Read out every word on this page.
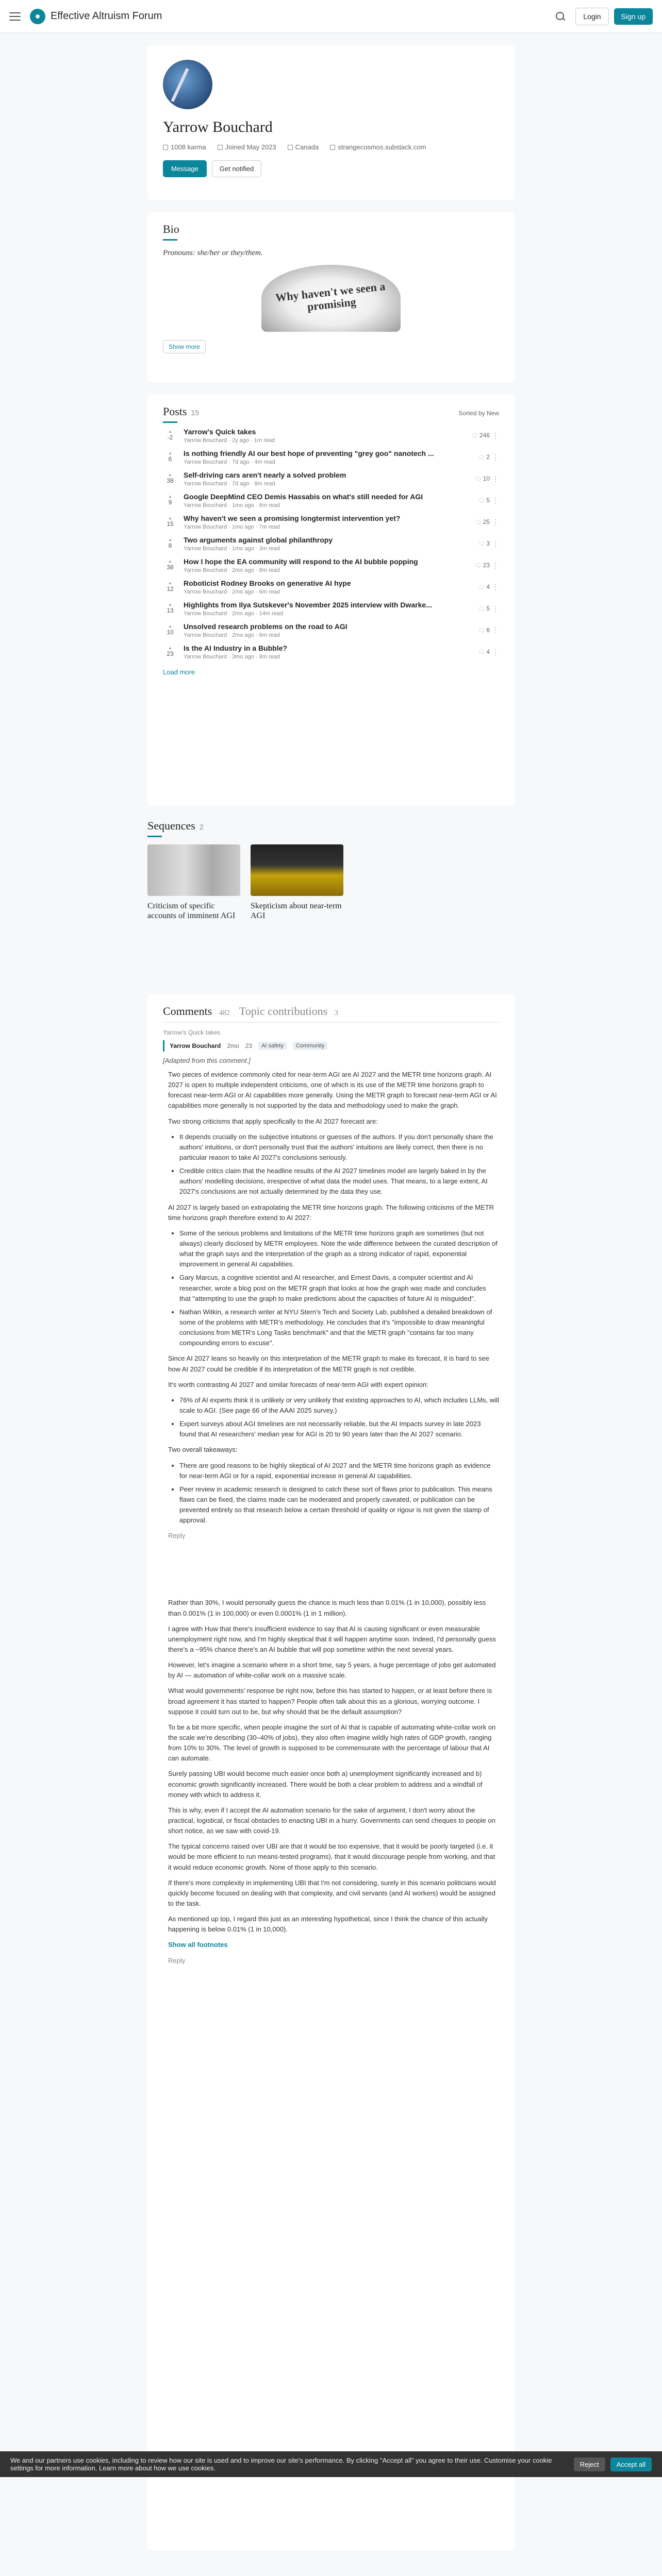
● Effective Altruism Forum	Login	Sign up
Yarrow Bouchard
1008 karma	Joined May 2023	Canada	strangecosmos.substack.com
Message	Get notified
Bio
Pronouns: she/her or they/them.
Why haven't we seen a promising
Show more
Posts 15	Sorted by New
▲ -2
Yarrow's Quick takes
Yarrow Bouchard · 2y ago · 1m read
🗨 246 ⋮
▲ 6
Is nothing friendly AI our best hope of preventing "grey goo" nanotech ...
Yarrow Bouchard · 7d ago · 4m read
🗨 2 ⋮
▲ 38
Self-driving cars aren't nearly a solved problem
Yarrow Bouchard · 7d ago · 8m read
🗨 10 ⋮
▲ 9
Google DeepMind CEO Demis Hassabis on what's still needed for AGI
Yarrow Bouchard · 1mo ago · 6m read
🗨 5 ⋮
▲ 15
Why haven't we seen a promising longtermist intervention yet?
Yarrow Bouchard · 1mo ago · 7m read
🗨 25 ⋮
▲ 8
Two arguments against global philanthropy
Yarrow Bouchard · 1mo ago · 3m read
🗨 3 ⋮
▲ 38
How I hope the EA community will respond to the AI bubble popping
Yarrow Bouchard · 2mo ago · 8m read
🗨 23 ⋮
▲ 12
Roboticist Rodney Brooks on generative AI hype
Yarrow Bouchard · 2mo ago · 6m read
🗨 4 ⋮
▲ 13
Highlights from Ilya Sutskever's November 2025 interview with Dwarke...
Yarrow Bouchard · 2mo ago · 14m read
🗨 5 ⋮
▲ 10
Unsolved research problems on the road to AGI
Yarrow Bouchard · 2mo ago · 6m read
🗨 6 ⋮
▲ 23
Is the AI Industry in a Bubble?
Yarrow Bouchard · 3mo ago · 8m read
🗨 4 ⋮
Load more
Sequences 2
Criticism of specific accounts of imminent AGI
Skepticism about near-term AGI
Comments 482 Topic contributions 3
Yarrow's Quick takes
Yarrow Bouchard 2mo 23	AI safety	Community
[Adapted from this comment.]

Two pieces of evidence commonly cited for near-term AGI are AI 2027 and the METR time horizons graph. AI 2027 is open to multiple independent criticisms, one of which is its use of the METR time horizons graph to forecast near-term AGI or AI capabilities more generally. Using the METR graph to forecast near-term AGI or AI capabilities more generally is not supported by the data and methodology used to make the graph.

Two strong criticisms that apply specifically to the AI 2027 forecast are:

• It depends crucially on the subjective intuitions or guesses of the authors. If you don't personally share the authors' intuitions, or don't personally trust that the authors' intuitions are likely correct, then there is no particular reason to take AI 2027's conclusions seriously.
• Credible critics claim that the headline results of the AI 2027 timelines model are largely baked in by the authors' modelling decisions, irrespective of what data the model uses. That means, to a large extent, AI 2027's conclusions are not actually determined by the data they use.

AI 2027 is largely based on extrapolating the METR time horizons graph. The following criticisms of the METR time horizons graph therefore extend to AI 2027:

• Some of the serious problems and limitations of the METR time horizons graph are sometimes (but not always) clearly disclosed by METR employees. Note the wide difference between the curated description of what the graph says and the interpretation of the graph as a strong indicator of rapid, exponential improvement in general AI capabilities.
• Gary Marcus, a cognitive scientist and AI researcher, and Ernest Davis, a computer scientist and AI researcher, wrote a blog post on the METR graph that looks at how the graph was made and concludes that "attempting to use the graph to make predictions about the capacities of future AI is misguided".
• Nathan Witkin, a research writer at NYU Stern's Tech and Society Lab, published a detailed breakdown of some of the problems with METR's methodology. He concludes that it's "impossible to draw meaningful conclusions from METR's Long Tasks benchmark" and that the METR graph "contains far too many compounding errors to excuse".

Since AI 2027 leans so heavily on this interpretation of the METR graph to make its forecast, it is hard to see how AI 2027 could be credible if its interpretation of the METR graph is not credible.

It's worth contrasting AI 2027 and similar forecasts of near-term AGI with expert opinion:

• 76% of AI experts think it is unlikely or very unlikely that existing approaches to AI, which includes LLMs, will scale to AGI. (See page 66 of the AAAI 2025 survey.)
• Expert surveys about AGI timelines are not necessarily reliable, but the AI Impacts survey in late 2023 found that AI researchers' median year for AGI is 20 to 90 years later than the AI 2027 scenario.

Two overall takeaways:

• There are good reasons to be highly skeptical of AI 2027 and the METR time horizons graph as evidence for near-term AGI or for a rapid, exponential increase in general AI capabilities.
• Peer review in academic research is designed to catch these sort of flaws prior to publication. This means flaws can be fixed, the claims made can be moderated and properly caveated, or publication can be prevented entirely so that research below a certain threshold of quality or rigour is not given the stamp of approval.

Reply

Rather than 30%, I would personally guess the chance is much less than 0.01% (1 in 10,000), possibly less than 0.001% (1 in 100,000) or even 0.0001% (1 in 1 million).

I agree with Huw that there's insufficient evidence to say that AI is causing significant or even measurable unemployment right now, and I'm highly skeptical that it will happen anytime soon. Indeed, I'd personally guess there's a ~95% chance there's an AI bubble that will pop sometime within the next several years.

However, let's imagine a scenario where in a short time, say 5 years, a huge percentage of jobs get automated by AI — automation of white-collar work on a massive scale.

What would governments' response be right now, before this has started to happen, or at least before there is broad agreement it has started to happen? People often talk about this as a glorious, worrying outcome. I suppose it could turn out to be, but why should that be the default assumption?

To be a bit more specific, when people imagine the sort of AI that is capable of automating white-collar work on the scale we're describing (30–40% of jobs), they also often imagine wildly high rates of GDP growth, ranging from 10% to 30%. The level of growth is supposed to be commensurate with the percentage of labour that AI can automate.

Surely passing UBI would become much easier once both a) unemployment significantly increased and b) economic growth significantly increased. There would be both a clear problem to address and a windfall of money with which to address it.

This is why, even if I accept the AI automation scenario for the sake of argument, I don't worry about the practical, logistical, or fiscal obstacles to enacting UBI in a hurry. Governments can send cheques to people on short notice, as we saw with covid-19.

The typical concerns raised over UBI are that it would be too expensive, that it would be poorly targeted (i.e. it would be more efficient to run means-tested programs), that it would discourage people from working, and that it would reduce economic growth. None of those apply to this scenario.

If there's more complexity in implementing UBI that I'm not considering, surely in this scenario politicians would quickly become focused on dealing with that complexity, and civil servants (and AI workers) would be assigned to the task.

As mentioned up top, I regard this just as an interesting hypothetical, since I think the chance of this actually happening is below 0.01% (1 in 10,000).

Show all footnotes

Reply

We and our partners use cookies, including to review how our site is used and to improve our site's performance. By clicking "Accept all" you agree to their use. Customise your cookie settings for more information. Learn more about how we use cookies.	Reject	Accept all
